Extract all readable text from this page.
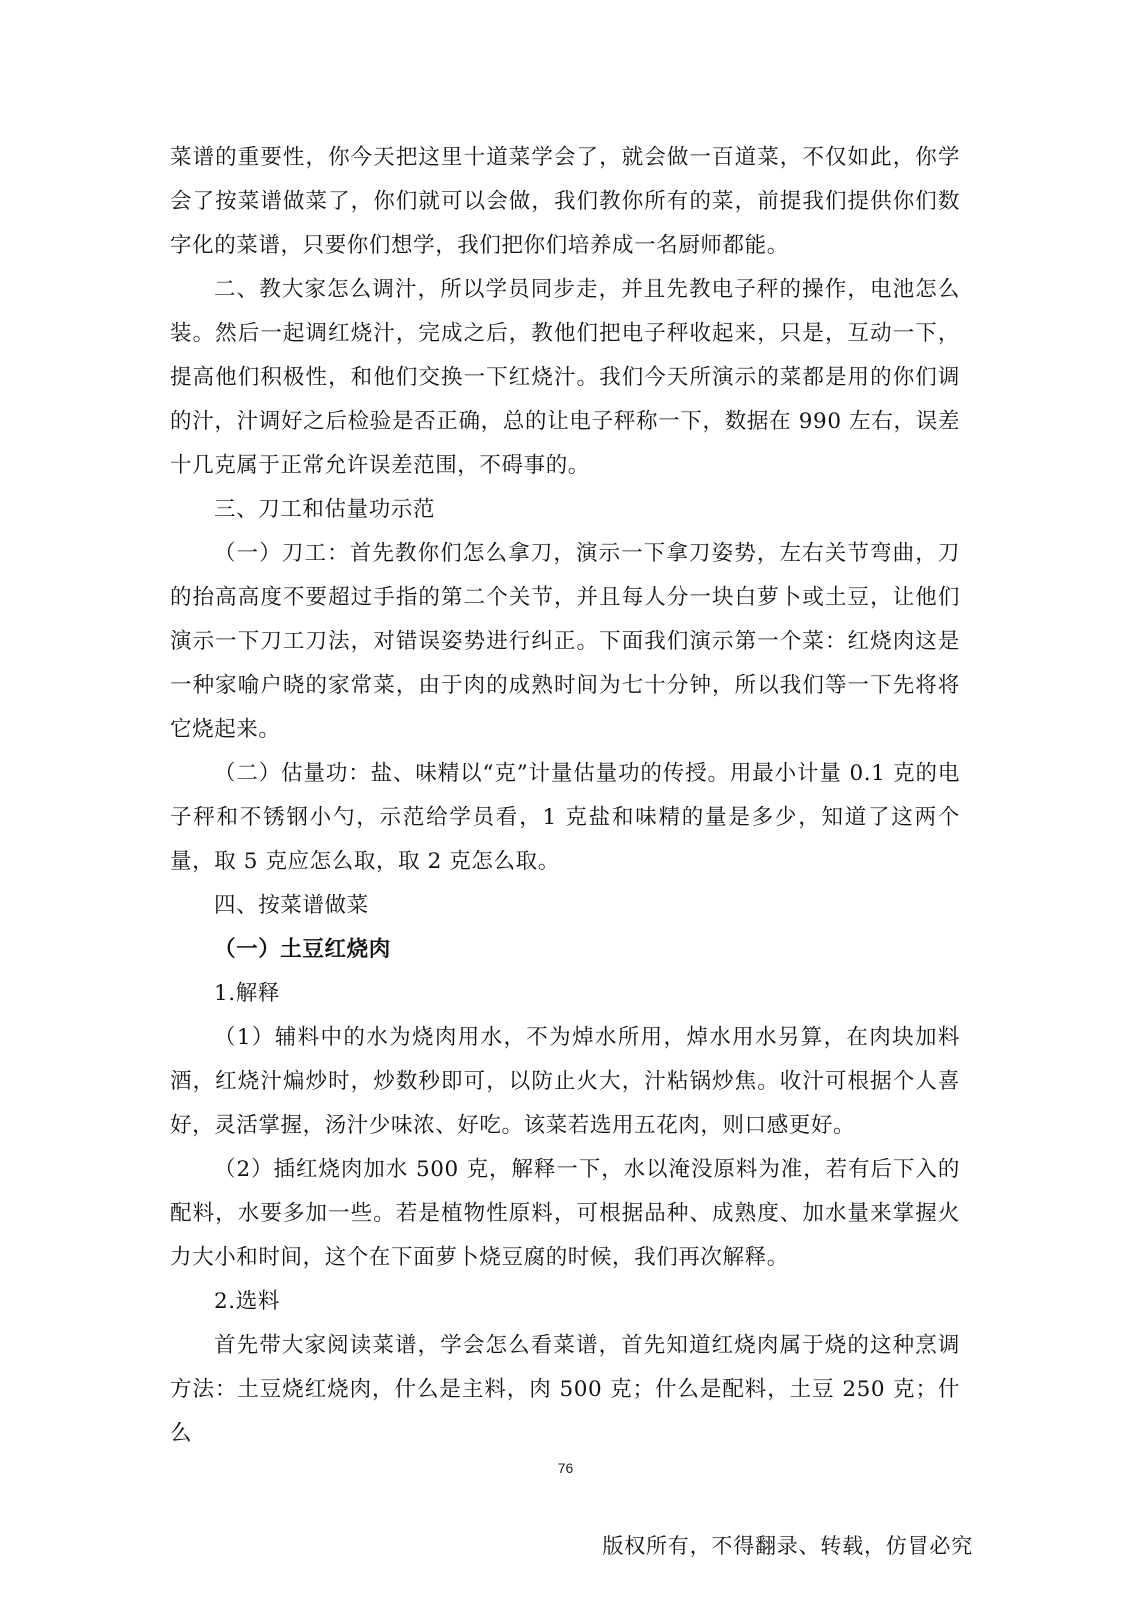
菜谱的重要性，你今天把这里十道菜学会了，就会做一百道菜，不仅如此，你学会了按菜谱做菜了，你们就可以会做，我们教你所有的菜，前提我们提供你们数字化的菜谱，只要你们想学，我们把你们培养成一名厨师都能。

二、教大家怎么调汁，所以学员同步走，并且先教电子秤的操作，电池怎么装。然后一起调红烧汁，完成之后，教他们把电子秤收起来，只是，互动一下，提高他们积极性，和他们交换一下红烧汁。我们今天所演示的菜都是用的你们调的汁，汁调好之后检验是否正确，总的让电子秤称一下，数据在 990 左右，误差十几克属于正常允许误差范围，不碍事的。

三、刀工和估量功示范

（一）刀工：首先教你们怎么拿刀，演示一下拿刀姿势，左右关节弯曲，刀的抬高高度不要超过手指的第二个关节，并且每人分一块白萝卜或土豆，让他们演示一下刀工刀法，对错误姿势进行纠正。下面我们演示第一个菜：红烧肉这是一种家喻户晓的家常菜，由于肉的成熟时间为七十分钟，所以我们等一下先将将它烧起来。

（二）估量功：盐、味精以“克”计量估量功的传授。用最小计量 0.1 克的电子秤和不锈钢小勺，示范给学员看，1 克盐和味精的量是多少，知道了这两个量，取 5 克应怎么取，取 2 克怎么取。

四、按菜谱做菜

（一）土豆红烧肉

1.解释

（1）辅料中的水为烧肉用水，不为焯水所用，焯水用水另算，在肉块加料酒，红烧汁煸炒时，炒数秒即可，以防止火大，汁粘锅炒焦。收汁可根据个人喜好，灵活掌握，汤汁少味浓、好吃。该菜若选用五花肉，则口感更好。

（2）插红烧肉加水 500 克，解释一下，水以淹没原料为准，若有后下入的配料，水要多加一些。若是植物性原料，可根据品种、成熟度、加水量来掌握火力大小和时间，这个在下面萝卜烧豆腐的时候，我们再次解释。

2.选料

首先带大家阅读菜谱，学会怎么看菜谱，首先知道红烧肉属于烧的这种烹调方法：土豆烧红烧肉，什么是主料，肉 500 克；什么是配料，土豆 250 克；什么

76
版权所有，不得翻录、转载，仿冒必究
